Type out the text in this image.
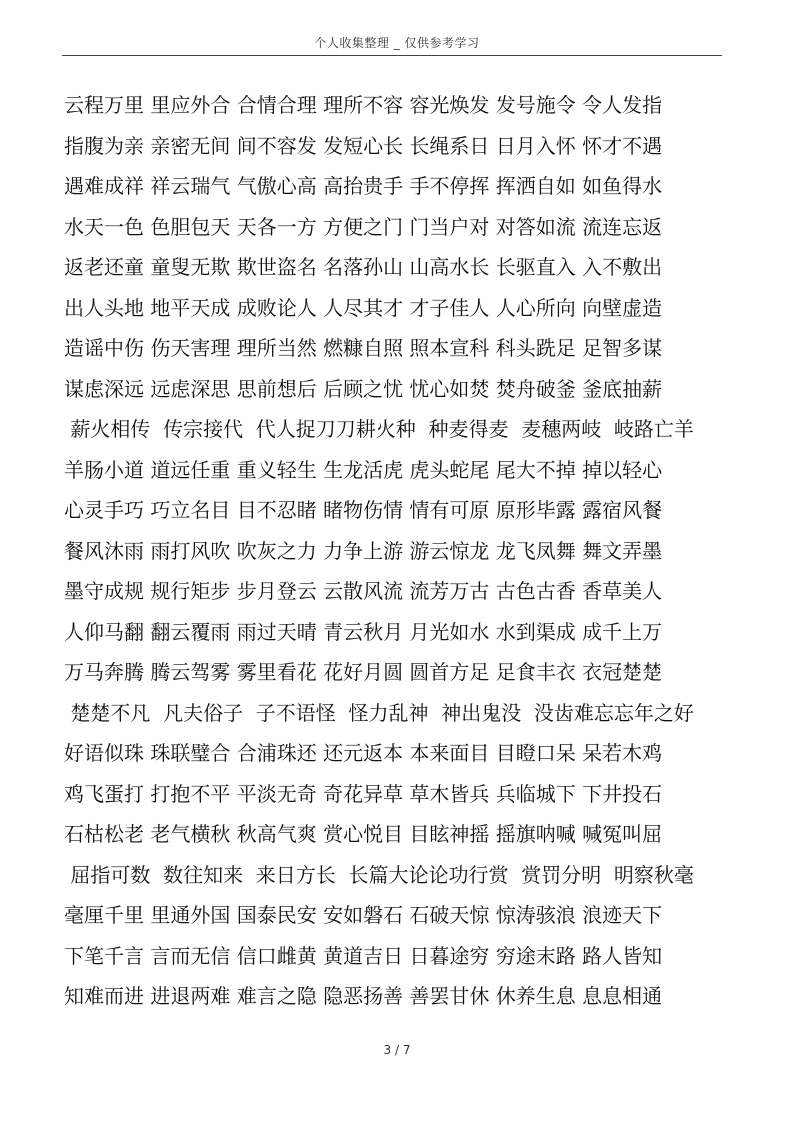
个人收集整理 _ 仅供参考学习
云程万里 里应外合 合情合理 理所不容 容光焕发 发号施令 令人发指
指腹为亲 亲密无间 间不容发 发短心长 长绳系日 日月入怀 怀才不遇
遇难成祥 祥云瑞气 气傲心高 高抬贵手 手不停挥 挥洒自如 如鱼得水
水天一色 色胆包天 天各一方 方便之门 门当户对 对答如流 流连忘返
返老还童 童叟无欺 欺世盗名 名落孙山 山高水长 长驱直入 入不敷出
出人头地 地平天成 成败论人 人尽其才 才子佳人 人心所向 向壁虚造
造谣中伤 伤天害理 理所当然 燃糠自照 照本宣科 科头跣足 足智多谋
谋虑深远 远虑深思 思前想后 后顾之忧 忧心如焚 焚舟破釜 釜底抽薪
薪火相传  传宗接代  代人捉刀刀耕火种  种麦得麦  麦穗两岐  岐路亡羊
羊肠小道 道远任重 重义轻生 生龙活虎 虎头蛇尾 尾大不掉 掉以轻心
心灵手巧 巧立名目 目不忍睹 睹物伤情 情有可原 原形毕露 露宿风餐
餐风沐雨 雨打风吹 吹灰之力 力争上游 游云惊龙 龙飞凤舞 舞文弄墨
墨守成规 规行矩步 步月登云 云散风流 流芳万古 古色古香 香草美人
人仰马翻 翻云覆雨 雨过天晴 青云秋月 月光如水 水到渠成 成千上万
万马奔腾 腾云驾雾 雾里看花 花好月圆 圆首方足 足食丰衣 衣冠楚楚
楚楚不凡  凡夫俗子  子不语怪  怪力乱神  神出鬼没  没齿难忘忘年之好
好语似珠 珠联璧合 合浦珠还 还元返本 本来面目 目瞪口呆 呆若木鸡
鸡飞蛋打 打抱不平 平淡无奇 奇花异草 草木皆兵 兵临城下 下井投石
石枯松老 老气横秋 秋高气爽 赏心悦目 目眩神摇 摇旗呐喊 喊冤叫屈
屈指可数  数往知来  来日方长  长篇大论论功行赏  赏罚分明  明察秋毫
毫厘千里 里通外国 国泰民安 安如磐石 石破天惊 惊涛骇浪 浪迹天下
下笔千言 言而无信 信口雌黄 黄道吉日 日暮途穷 穷途末路 路人皆知
知难而进 进退两难 难言之隐 隐恶扬善 善罢甘休 休养生息 息息相通
3 / 7
